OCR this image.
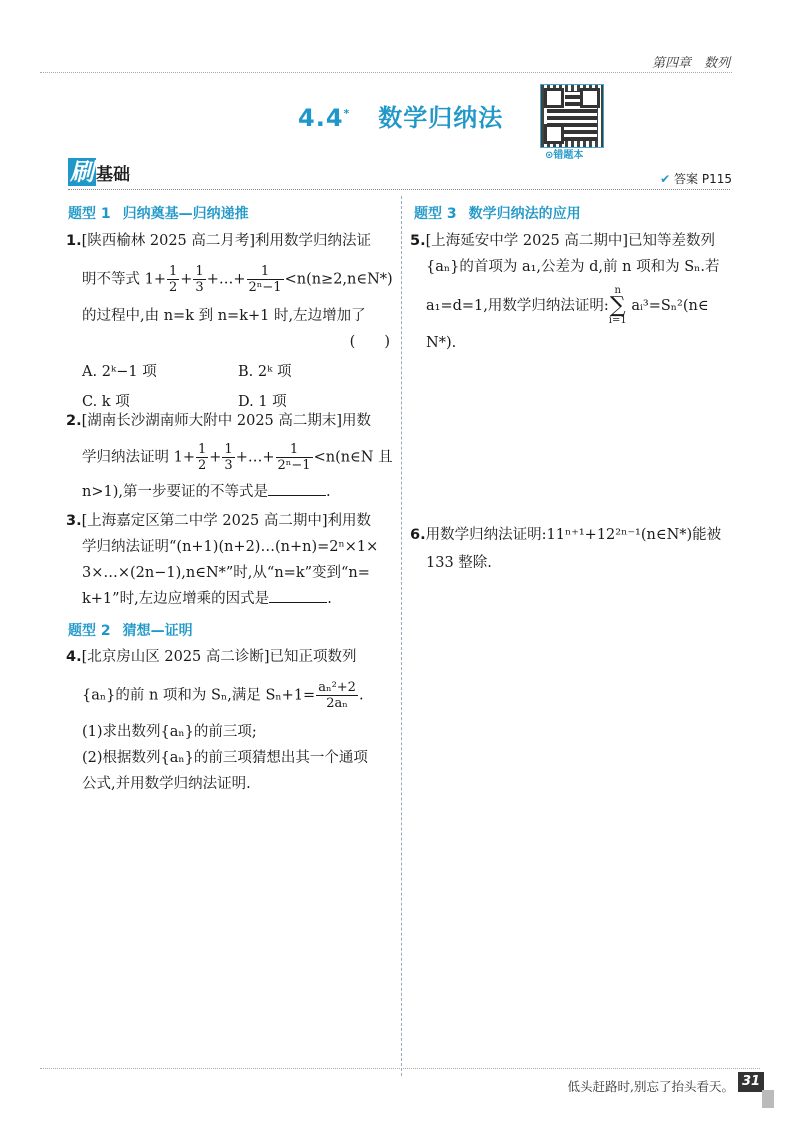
第四章　数列
4.4* 数学归纳法
⊙错题本
刷 基础	✔ 答案 P115
题型 1 归纳奠基—归纳递推
1.[陕西榆林 2025 高二月考]利用数学归纳法证
明不等式 $1+ \frac{1}{2} + \frac{1}{3}$ +…+ $\frac{1}{\text{2ⁿ−1}}$ <n(n≥2,n∈N*)
的过程中,由 n=k 到 n=k+1 时,左边增加了
(　　)
A. 2ᵏ−1 项	B. 2ᵏ 项
C. k 项	D. 1 项
2.[湖南长沙湖南师大附中 2025 高二期末]用数
学归纳法证明 $1+ \frac{1}{2} + \frac{1}{3}$ +…+ $\frac{1}{\text{2ⁿ−1}}$ <n(n∈N 且
n>1),第一步要证的不等式是	.
3.[上海嘉定区第二中学 2025 高二期中]利用数
学归纳法证明“(n+1)(n+2)…(n+n)=2ⁿ×1×
3×…×(2n−1),n∈N*”时,从“n=k”变到“n=
k+1”时,左边应增乘的因式是	.
题型 2 猜想—证明
4.[北京房山区 2025 高二诊断]已知正项数列
{aₙ}的前 n 项和为 Sₙ,满足 $S_n+1= \frac{\text{aₙ²+2}}{\text{2aₙ}}$ .
(1)求出数列{aₙ}的前三项;
(2)根据数列{aₙ}的前三项猜想出其一个通项
公式,并用数学归纳法证明.
题型 3 数学归纳法的应用
5.[上海延安中学 2025 高二期中]已知等差数列
{aₙ}的首项为 a₁,公差为 d,前 n 项和为 Sₙ.若
a₁=d=1,用数学归纳法证明:n
∑
i=1 aᵢ³=Sₙ²(n∈
N*).
6.用数学归纳法证明:11ⁿ⁺¹+12²ⁿ⁻¹(n∈N*)能被
133 整除.
低头赶路时,别忘了抬头看天。 31
